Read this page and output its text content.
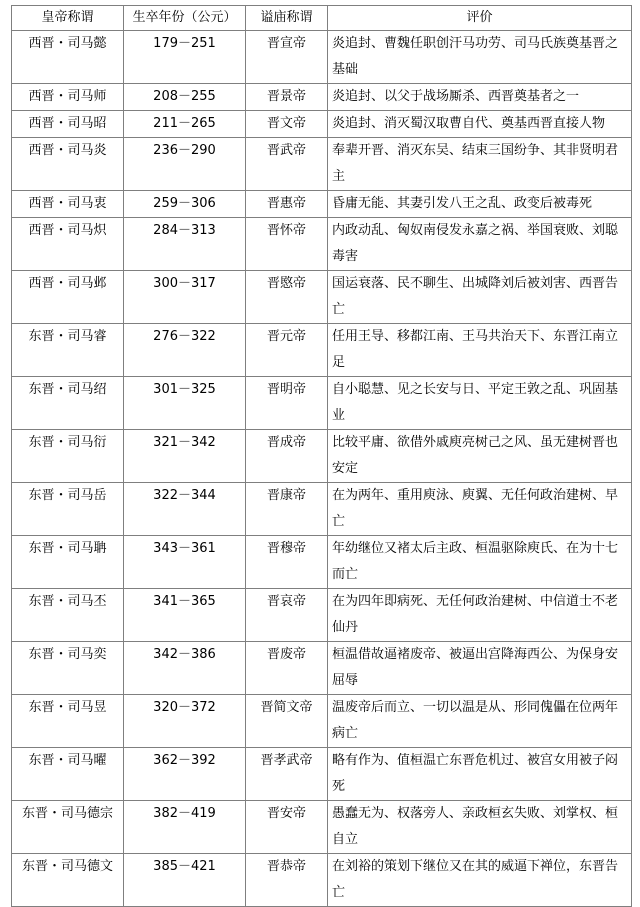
皇帝称谓	生卒年份（公元）	谥庙称谓	评价
西晋・司马懿	179－251	晋宣帝	炎追封、曹魏任职创汗马功劳、司马氏族奠基晋之基础
西晋・司马师	208－255	晋景帝	炎追封、以父于战场厮杀、西晋奠基者之一
西晋・司马昭	211－265	晋文帝	炎追封、消灭蜀汉取曹自代、奠基西晋直接人物
西晋・司马炎	236－290	晋武帝	奉辈开晋、消灭东吴、结束三国纷争、其非贤明君主
西晋・司马衷	259－306	晋惠帝	昏庸无能、其妻引发八王之乱、政变后被毒死
西晋・司马炽	284－313	晋怀帝	内政动乱、匈奴南侵发永嘉之祸、举国衰败、刘聪毒害
西晋・司马邺	300－317	晋愍帝	国运衰落、民不聊生、出城降刘后被刘害、西晋告亡
东晋・司马睿	276－322	晋元帝	任用王导、移都江南、王马共治天下、东晋江南立足
东晋・司马绍	301－325	晋明帝	自小聪慧、见之长安与日、平定王敦之乱、巩固基业
东晋・司马衍	321－342	晋成帝	比较平庸、欲借外戚庾亮树己之风、虽无建树晋也安定
东晋・司马岳	322－344	晋康帝	在为两年、重用庾泳、庾翼、无任何政治建树、早亡
东晋・司马聃	343－361	晋穆帝	年幼继位又褚太后主政、桓温驱除庾氏、在为十七而亡
东晋・司马丕	341－365	晋哀帝	在为四年即病死、无任何政治建树、中信道士不老仙丹
东晋・司马奕	342－386	晋废帝	桓温借故逼褚废帝、被逼出宫降海西公、为保身安屈辱
东晋・司马昱	320－372	晋简文帝	温废帝后而立、一切以温是从、形同傀儡在位两年病亡
东晋・司马曜	362－392	晋孝武帝	略有作为、值桓温亡东晋危机过、被宫女用被子闷死
东晋・司马德宗	382－419	晋安帝	愚蠢无为、权落旁人、亲政桓玄失败、刘掌权、桓自立
东晋・司马德文	385－421	晋恭帝	在刘裕的策划下继位又在其的威逼下禅位，东晋告亡
